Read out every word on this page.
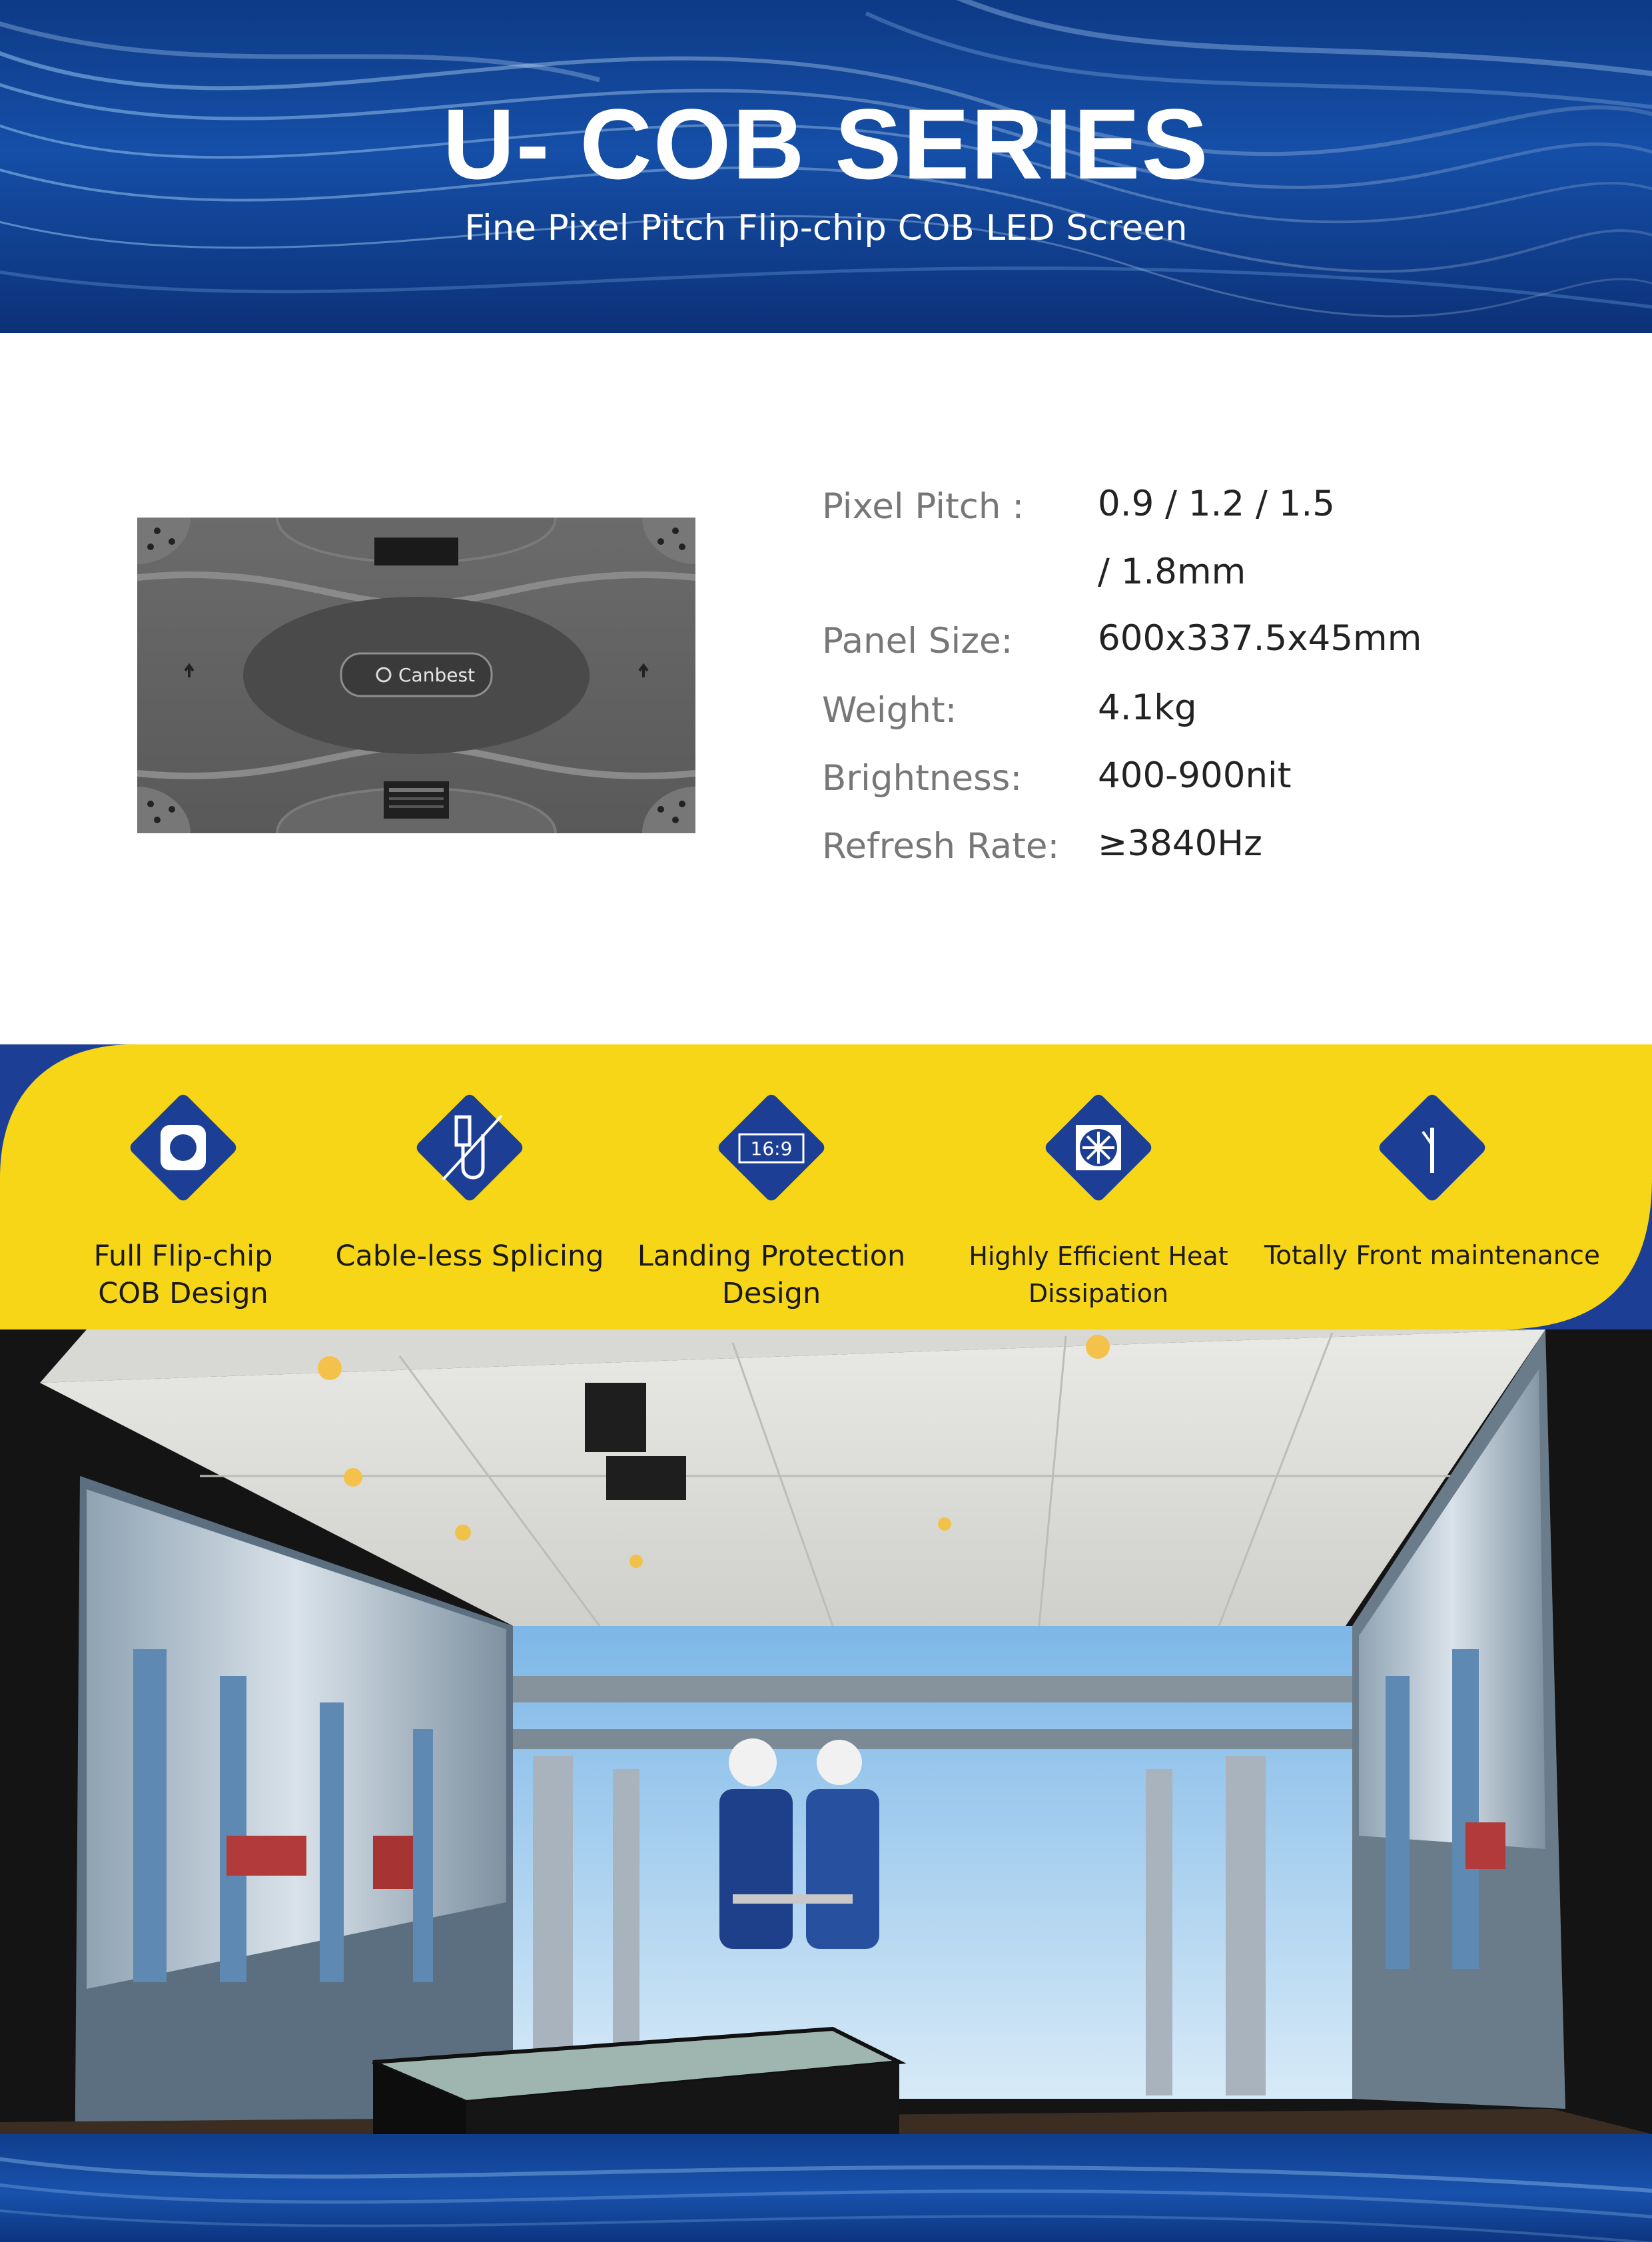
U- COB SERIES
Fine Pixel Pitch Flip-chip COB LED Screen
Canbest
Pixel Pitch : 0.9 / 1.2 / 1.5
/ 1.8mm
Panel Size: 600x337.5x45mm
Weight:	4.1kg
Brightness: 400-900nit
Refresh Rate: ≥3840Hz
Full Flip-chip
COB Design
Cable-less Splicing
16:9
Landing Protection
Design
Highly Efficient Heat Dissipation
Totally Front maintenance
